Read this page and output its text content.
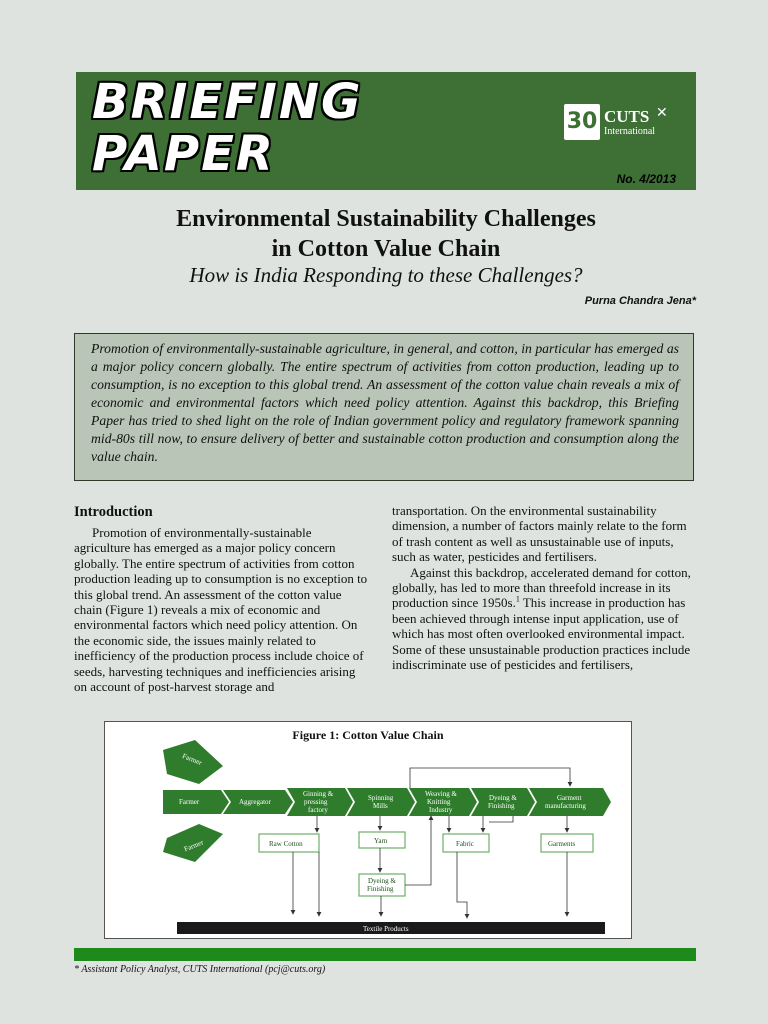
BRIEFING
PAPER
30 CUTS
International
✕
No. 4/2013
Environmental Sustainability Challenges
in Cotton Value Chain
How is India Responding to these Challenges?
Purna Chandra Jena*
Promotion of environmentally-sustainable agriculture, in general, and cotton, in particular has emerged as a major policy concern globally. The entire spectrum of activities from cotton production, leading up to consumption, is no exception to this global trend. An assessment of the cotton value chain reveals a mix of economic and environmental factors which need policy attention. Against this backdrop, this Briefing Paper has tried to shed light on the role of Indian government policy and regulatory framework spanning mid-80s till now, to ensure delivery of better and sustainable cotton production and consumption along the value chain.
Introduction

Promotion of environmentally-sustainable agriculture has emerged as a major policy concern globally. The entire spectrum of activities from cotton production leading up to consumption is no exception to this global trend. An assessment of the cotton value chain (Figure 1) reveals a mix of economic and environmental factors which need policy attention. On the economic side, the issues mainly related to inefficiency of the production process include choice of seeds, harvesting techniques and inefficiencies arising on account of post-harvest storage and

transportation. On the environmental sustainability dimension, a number of factors mainly relate to the form of trash content as well as unsustainable use of inputs, such as water, pesticides and fertilisers.

Against this backdrop, accelerated demand for cotton, globally, has led to more than threefold increase in its production since 1950s.$^1$ This increase in production has been achieved through intense input application, use of which has most often overlooked environmental impact. Some of these unsustainable production practices include indiscriminate use of pesticides and fertilisers,

Farmer
Farmer
Farmer	Aggregator
Ginning &
pressing
factory
Spinning
Mills
Weaving &
Knitting
Industry
Dyeing &
Finishing
Garment
manufacturing
Raw Cotton	Yarn
Dyeing &
Finishing
Fabric	Garments
Textile Products
Figure 1: Cotton Value Chain
* Assistant Policy Analyst, CUTS International (pcj@cuts.org)
